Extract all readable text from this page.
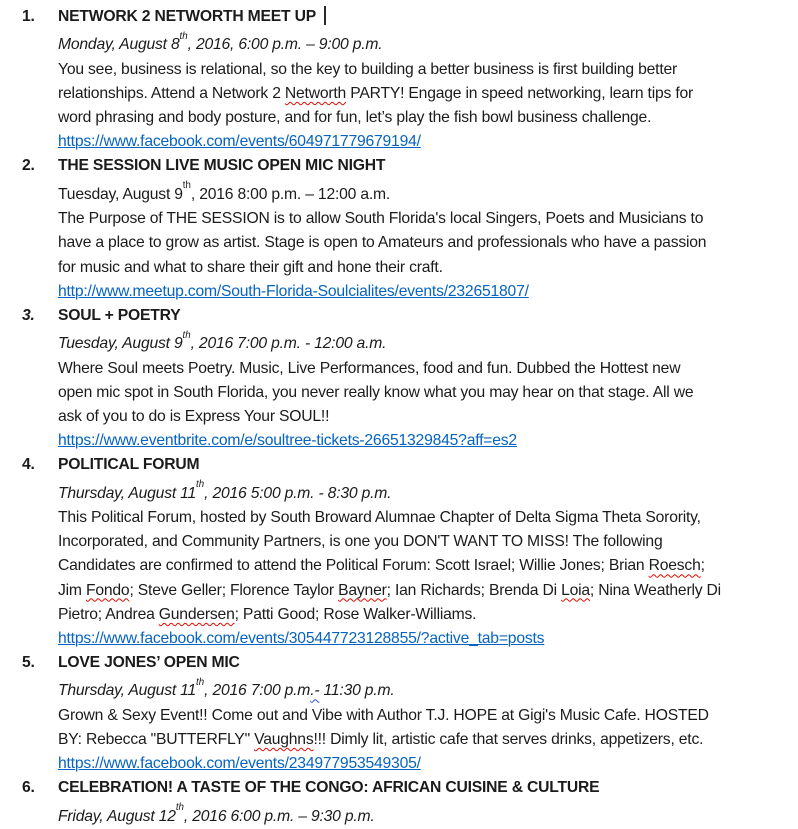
1. NETWORK 2 NETWORTH MEET UP
Monday, August 8th, 2016, 6:00 p.m. – 9:00 p.m.
You see, business is relational, so the key to building a better business is first building better
relationships. Attend a Network 2 Networth PARTY! Engage in speed networking, learn tips for
word phrasing and body posture, and for fun, let’s play the fish bowl business challenge.
https://www.facebook.com/events/604971779679194/
2. THE SESSION LIVE MUSIC OPEN MIC NIGHT
Tuesday, August 9th, 2016 8:00 p.m. – 12:00 a.m.
The Purpose of THE SESSION is to allow South Florida's local Singers, Poets and Musicians to
have a place to grow as artist. Stage is open to Amateurs and professionals who have a passion
for music and what to share their gift and hone their craft.
http://www.meetup.com/South-Florida-Soulcialites/events/232651807/
3. SOUL + POETRY
Tuesday, August 9th, 2016 7:00 p.m. - 12:00 a.m.
Where Soul meets Poetry. Music, Live Performances, food and fun. Dubbed the Hottest new
open mic spot in South Florida, you never really know what you may hear on that stage. All we
ask of you to do is Express Your SOUL!!
https://www.eventbrite.com/e/soultree-tickets-26651329845?aff=es2
4. POLITICAL FORUM
Thursday, August 11th, 2016 5:00 p.m. - 8:30 p.m.
This Political Forum, hosted by South Broward Alumnae Chapter of Delta Sigma Theta Sorority,
Incorporated, and Community Partners, is one you DON'T WANT TO MISS! The following
Candidates are confirmed to attend the Political Forum: Scott Israel; Willie Jones; Brian Roesch;
Jim Fondo; Steve Geller; Florence Taylor Bayner; Ian Richards; Brenda Di Loia; Nina Weatherly Di
Pietro; Andrea Gundersen; Patti Good; Rose Walker-Williams.
https://www.facebook.com/events/305447723128855/?active_tab=posts
5. LOVE JONES’ OPEN MIC
Thursday, August 11th, 2016 7:00 p.m.- 11:30 p.m.
Grown & Sexy Event!! Come out and Vibe with Author T.J. HOPE at Gigi's Music Cafe. HOSTED
BY: Rebecca "BUTTERFLY" Vaughns!!! Dimly lit, artistic cafe that serves drinks, appetizers, etc.
https://www.facebook.com/events/234977953549305/
6. CELEBRATION! A TASTE OF THE CONGO: AFRICAN CUISINE & CULTURE
Friday, August 12th, 2016 6:00 p.m. – 9:30 p.m.
